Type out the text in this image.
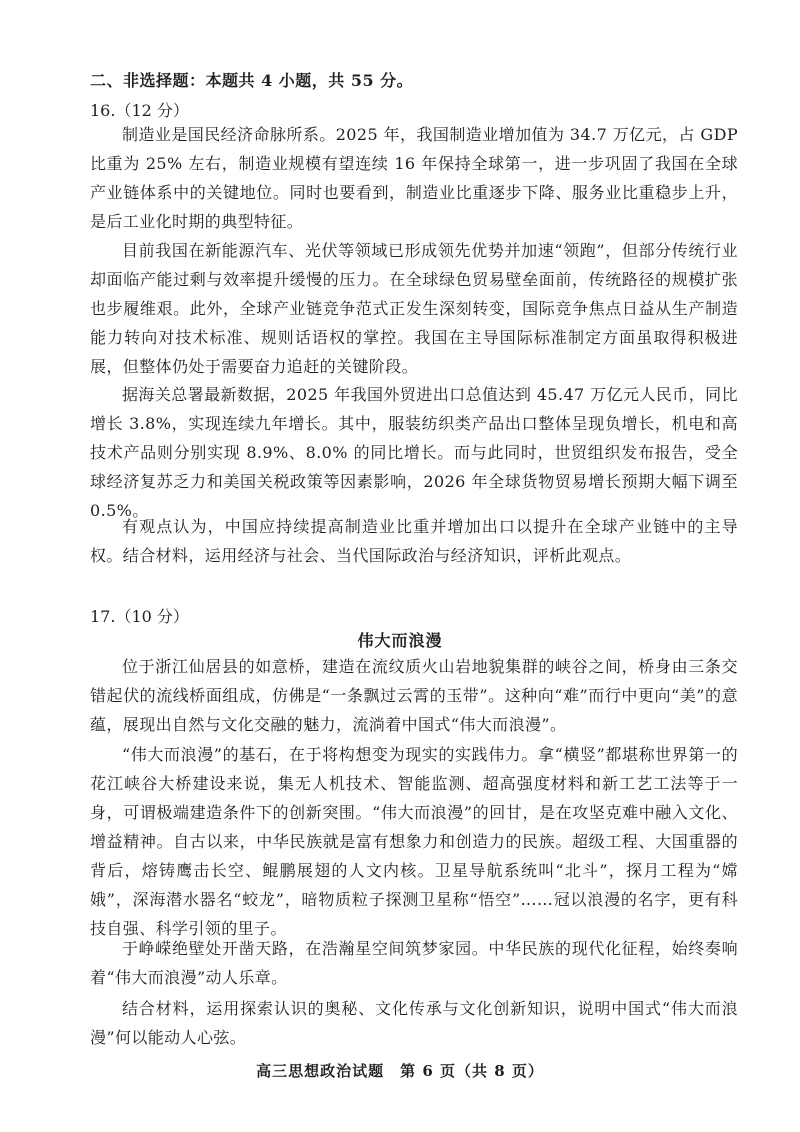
二、非选择题：本题共 4 小题，共 55 分。
16.（12 分）

制造业是国民经济命脉所系。2025 年，我国制造业增加值为 34.7 万亿元，占 GDP 比重为 25% 左右，制造业规模有望连续 16 年保持全球第一，进一步巩固了我国在全球产业链体系中的关键地位。同时也要看到，制造业比重逐步下降、服务业比重稳步上升，是后工业化时期的典型特征。

目前我国在新能源汽车、光伏等领域已形成领先优势并加速“领跑”，但部分传统行业却面临产能过剩与效率提升缓慢的压力。在全球绿色贸易壁垒面前，传统路径的规模扩张也步履维艰。此外，全球产业链竞争范式正发生深刻转变，国际竞争焦点日益从生产制造能力转向对技术标准、规则话语权的掌控。我国在主导国际标准制定方面虽取得积极进展，但整体仍处于需要奋力追赶的关键阶段。

据海关总署最新数据，2025 年我国外贸进出口总值达到 45.47 万亿元人民币，同比增长 3.8%，实现连续九年增长。其中，服装纺织类产品出口整体呈现负增长，机电和高技术产品则分别实现 8.9%、8.0% 的同比增长。而与此同时，世贸组织发布报告，受全球经济复苏乏力和美国关税政策等因素影响，2026 年全球货物贸易增长预期大幅下调至 0.5%。

有观点认为，中国应持续提高制造业比重并增加出口以提升在全球产业链中的主导权。结合材料，运用经济与社会、当代国际政治与经济知识，评析此观点。

17.（10 分）
伟大而浪漫

位于浙江仙居县的如意桥，建造在流纹质火山岩地貌集群的峡谷之间，桥身由三条交错起伏的流线桥面组成，仿佛是“一条飘过云霄的玉带”。这种向“难”而行中更向“美”的意蕴，展现出自然与文化交融的魅力，流淌着中国式“伟大而浪漫”。

“伟大而浪漫”的基石，在于将构想变为现实的实践伟力。拿“横竖”都堪称世界第一的花江峡谷大桥建设来说，集无人机技术、智能监测、超高强度材料和新工艺工法等于一身，可谓极端建造条件下的创新突围。“伟大而浪漫”的回甘，是在攻坚克难中融入文化、增益精神。自古以来，中华民族就是富有想象力和创造力的民族。超级工程、大国重器的背后，熔铸鹰击长空、鲲鹏展翅的人文内核。卫星导航系统叫“北斗”，探月工程为“嫦娥”，深海潜水器名“蛟龙”，暗物质粒子探测卫星称“悟空”……冠以浪漫的名字，更有科技自强、科学引领的里子。

于峥嵘绝壁处开凿天路，在浩瀚星空间筑梦家园。中华民族的现代化征程，始终奏响着“伟大而浪漫”动人乐章。

结合材料，运用探索认识的奥秘、文化传承与文化创新知识，说明中国式“伟大而浪漫”何以能动人心弦。

高三思想政治试题　第 6 页（共 8 页）
